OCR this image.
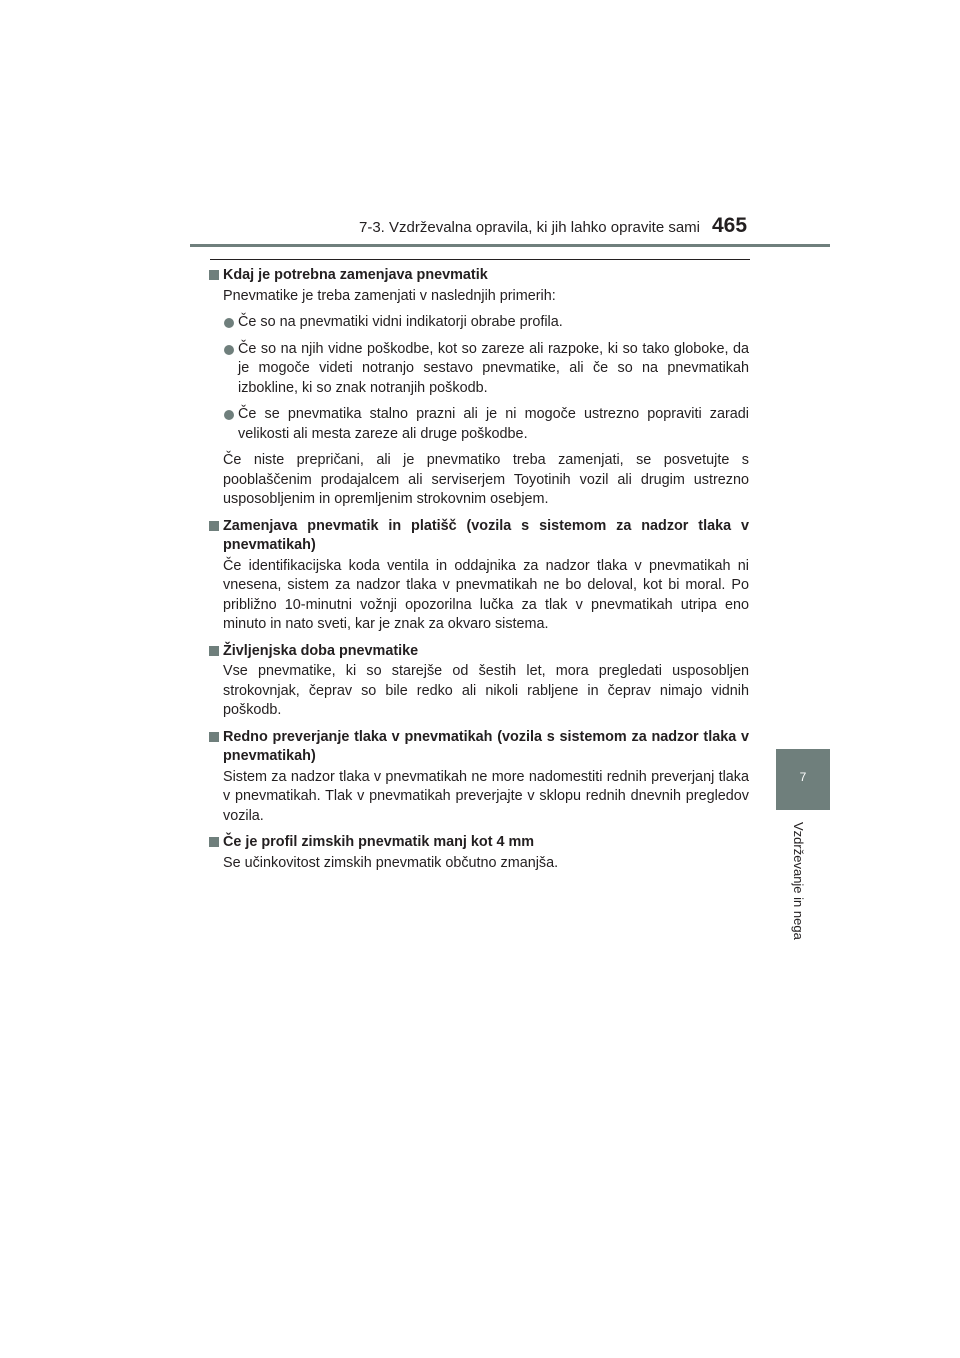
7-3. Vzdrževalna opravila, ki jih lahko opravite sami 465
7
Vzdrževanje in nega
Kdaj je potrebna zamenjava pnevmatik
Pnevmatike je treba zamenjati v naslednjih primerih:
Če so na pnevmatiki vidni indikatorji obrabe profila.
Če so na njih vidne poškodbe, kot so zareze ali razpoke, ki so tako globoke, da je mogoče videti notranjo sestavo pnevmatike, ali če so na pnevmatikah izbokline, ki so znak notranjih poškodb.
Če se pnevmatika stalno prazni ali je ni mogoče ustrezno popraviti zaradi velikosti ali mesta zareze ali druge poškodbe.
Če niste prepričani, ali je pnevmatiko treba zamenjati, se posvetujte s pooblaščenim prodajalcem ali serviserjem Toyotinih vozil ali drugim ustrezno usposobljenim in opremljenim strokovnim osebjem.
Zamenjava pnevmatik in platišč (vozila s sistemom za nadzor tlaka v pnevmatikah)
Če identifikacijska koda ventila in oddajnika za nadzor tlaka v pnevmatikah ni vnesena, sistem za nadzor tlaka v pnevmatikah ne bo deloval, kot bi moral. Po približno 10-minutni vožnji opozorilna lučka za tlak v pnevmatikah utripa eno minuto in nato sveti, kar je znak za okvaro sistema.
Življenjska doba pnevmatike
Vse pnevmatike, ki so starejše od šestih let, mora pregledati usposobljen strokovnjak, čeprav so bile redko ali nikoli rabljene in čeprav nimajo vidnih poškodb.
Redno preverjanje tlaka v pnevmatikah (vozila s sistemom za nadzor tlaka v pnevmatikah)
Sistem za nadzor tlaka v pnevmatikah ne more nadomestiti rednih preverjanj tlaka v pnevmatikah. Tlak v pnevmatikah preverjajte v sklopu rednih dnevnih pregledov vozila.
Če je profil zimskih pnevmatik manj kot 4 mm
Se učinkovitost zimskih pnevmatik občutno zmanjša.
